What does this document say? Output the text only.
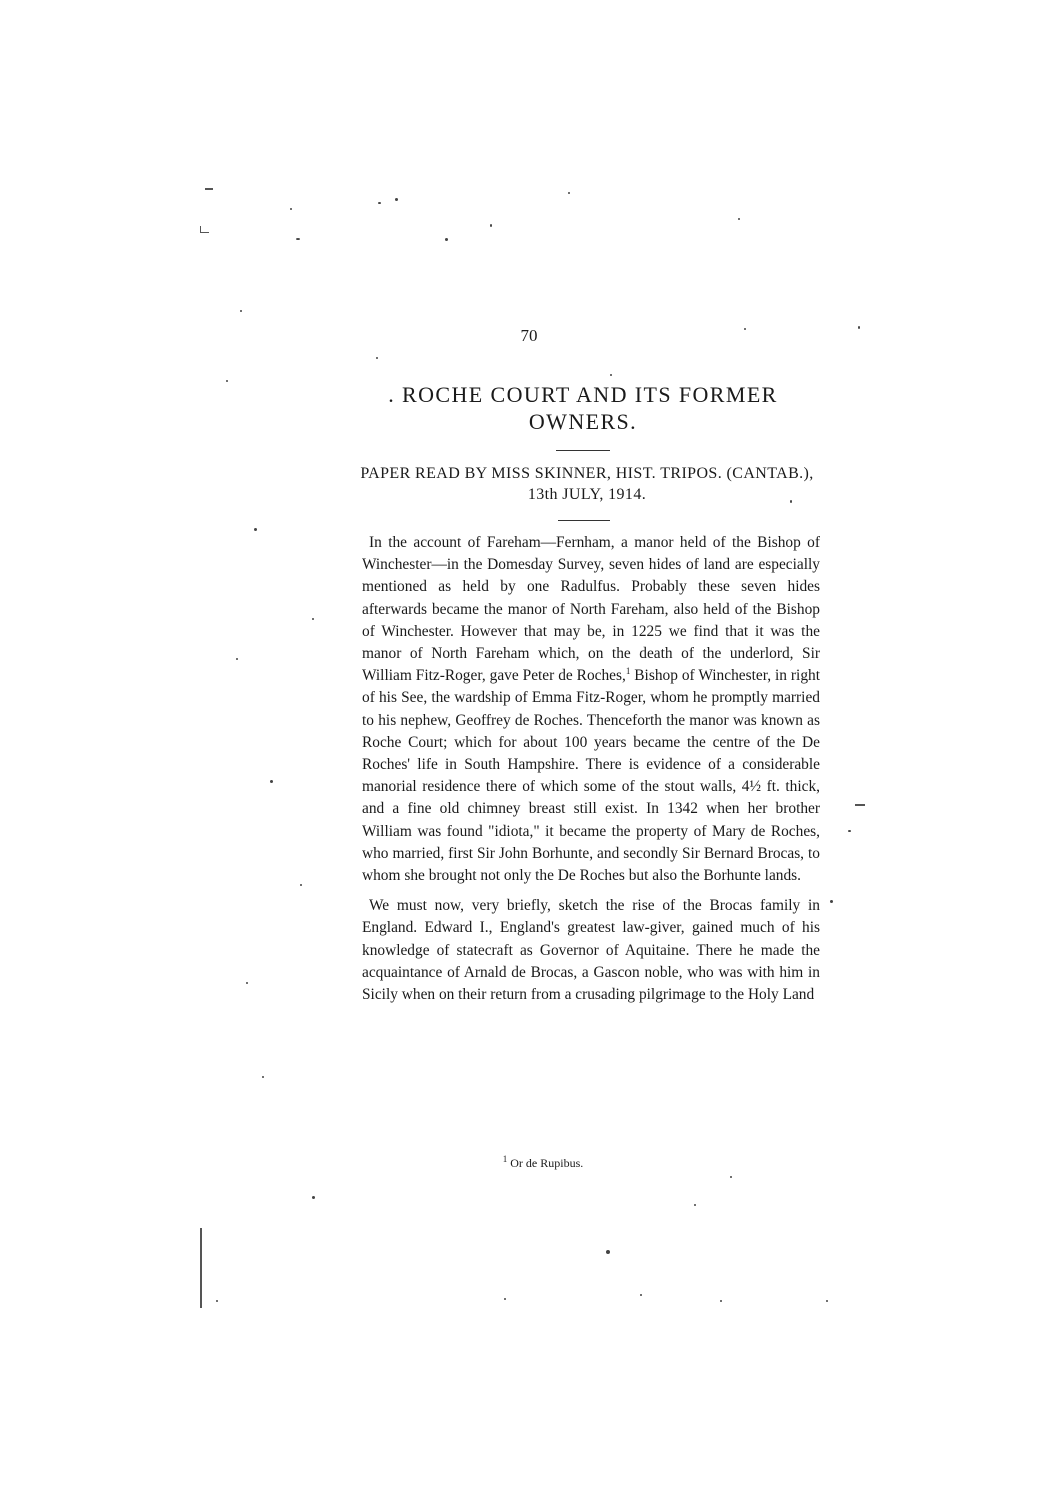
70
. ROCHE COURT AND ITS FORMER
OWNERS.
PAPER READ BY MISS SKINNER, HIST. TRIPOS. (CANTAB.),
13th JULY, 1914.

In the account of Fareham—Fernham, a manor held of the Bishop of Winchester—in the Domesday Survey, seven hides of land are especially mentioned as held by one Radulfus. Probably these seven hides afterwards became the manor of North Fareham, also held of the Bishop of Winchester. However that may be, in 1225 we find that it was the manor of North Fareham which, on the death of the underlord, Sir William Fitz-Roger, gave Peter de Roches,$^1$ Bishop of Winchester, in right of his See, the wardship of Emma Fitz-Roger, whom he promptly married to his nephew, Geoffrey de Roches. Thenceforth the manor was known as Roche Court; which for about 100 years became the centre of the De Roches' life in South Hampshire. There is evidence of a considerable manorial residence there of which some of the stout walls, 4½ ft. thick, and a fine old chimney breast still exist. In 1342 when her brother William was found "idiota," it became the property of Mary de Roches, who married, first Sir John Borhunte, and secondly Sir Bernard Brocas, to whom she brought not only the De Roches but also the Borhunte lands.

We must now, very briefly, sketch the rise of the Brocas family in England. Edward I., England's greatest law-giver, gained much of his knowledge of statecraft as Governor of Aquitaine. There he made the acquaintance of Arnald de Brocas, a Gascon noble, who was with him in Sicily when on their return from a crusading pilgrimage to the Holy Land

$^1$ Or de Rupibus.
